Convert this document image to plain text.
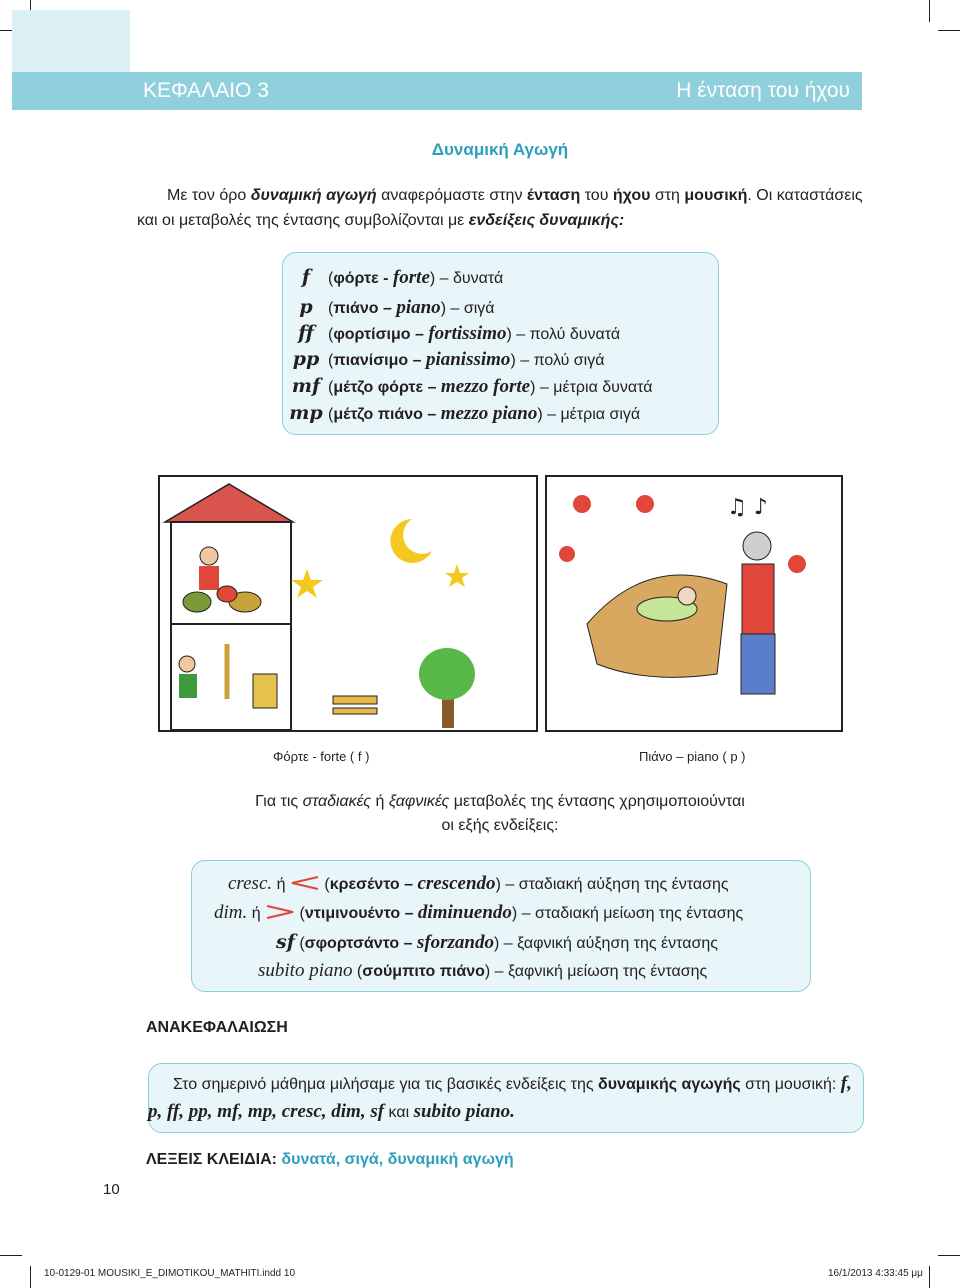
ΚΕΦΑΛΑΙΟ 3	Η ένταση του ήχου
Δυναμική Αγωγή

Με τον όρο δυναμική αγωγή αναφερόμαστε στην ένταση του ήχου στη μουσική. Οι καταστάσεις και οι μεταβολές της έντασης συμβολίζονται με ενδείξεις δυναμικής:

f (φόρτε - forte) – δυνατά
p (πιάνο – piano) – σιγά
ff (φορτίσιμο – fortissimo) – πολύ δυνατά
pp (πιανίσιμο – pianissimo) – πολύ σιγά
mf (μέτζο φόρτε – mezzo forte) – μέτρια δυνατά
mp (μέτζο πιάνο – mezzo piano) – μέτρια σιγά
♫ ♪
Φόρτε - forte ( f )	Πιάνο – piano ( p )
Για τις σταδιακές ή ξαφνικές μεταβολές της έντασης χρησιμοποιούνται
οι εξής ενδείξεις:
cresc. ή  (κρεσέντο – crescendo) – σταδιακή αύξηση της έντασης
dim. ή  (ντιμινουέντο – diminuendo) – σταδιακή μείωση της έντασης
sf (σφορτσάντο – sforzando) – ξαφνική αύξηση της έντασης
subito piano (σούμπιτο πιάνο) – ξαφνική μείωση της έντασης
ΑΝΑΚΕΦΑΛΑΙΩΣΗ

Στο σημερινό μάθημα μιλήσαμε για τις βασικές ενδείξεις της δυναμικής αγωγής στη μουσική: f, p, ff, pp, mf, mp, cresc, dim, sf και subito piano.

ΛΕΞΕΙΣ ΚΛΕΙΔΙΑ: δυνατά, σιγά, δυναμική αγωγή
10
10-0129-01 MOUSIKI_E_DIMOTIKOU_MATHITI.indd 10	16/1/2013 4:33:45 μμ
